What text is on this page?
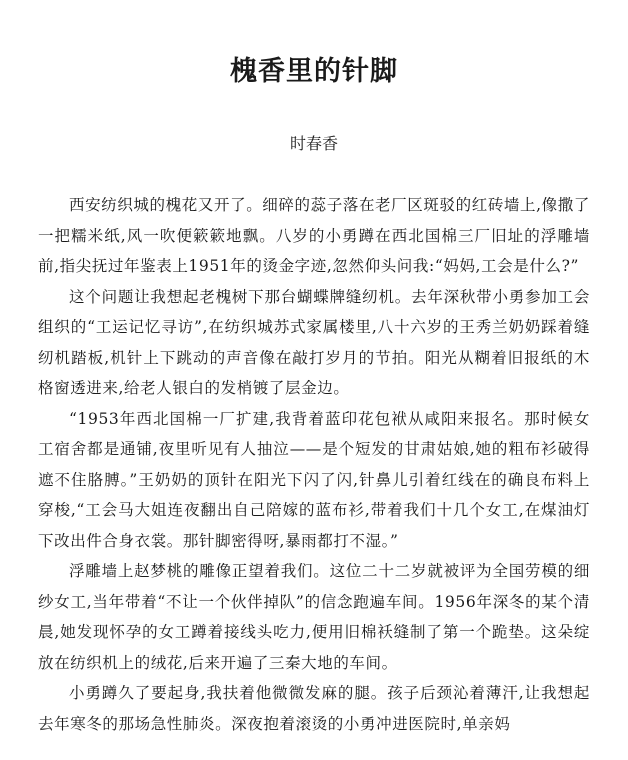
槐香里的针脚
时春香

西安纺织城的槐花又开了。细碎的蕊子落在老厂区斑驳的红砖墙上,像撒了一把糯米纸,风一吹便簌簌地飘。八岁的小勇蹲在西北国棉三厂旧址的浮雕墙前,指尖抚过年鉴表上1951年的烫金字迹,忽然仰头问我:“妈妈,工会是什么?”

这个问题让我想起老槐树下那台蝴蝶牌缝纫机。去年深秋带小勇参加工会组织的“工运记忆寻访”,在纺织城苏式家属楼里,八十六岁的王秀兰奶奶踩着缝纫机踏板,机针上下跳动的声音像在敲打岁月的节拍。阳光从糊着旧报纸的木格窗透进来,给老人银白的发梢镀了层金边。

“1953年西北国棉一厂扩建,我背着蓝印花包袱从咸阳来报名。那时候女工宿舍都是通铺,夜里听见有人抽泣——是个短发的甘肃姑娘,她的粗布衫破得遮不住胳膊。”王奶奶的顶针在阳光下闪了闪,针鼻儿引着红线在的确良布料上穿梭,“工会马大姐连夜翻出自己陪嫁的蓝布衫,带着我们十几个女工,在煤油灯下改出件合身衣裳。那针脚密得呀,暴雨都打不湿。”

浮雕墙上赵梦桃的雕像正望着我们。这位二十二岁就被评为全国劳模的细纱女工,当年带着“不让一个伙伴掉队”的信念跑遍车间。1956年深冬的某个清晨,她发现怀孕的女工蹲着接线头吃力,便用旧棉袄缝制了第一个跪垫。这朵绽放在纺织机上的绒花,后来开遍了三秦大地的车间。

小勇蹲久了要起身,我扶着他微微发麻的腿。孩子后颈沁着薄汗,让我想起去年寒冬的那场急性肺炎。深夜抱着滚烫的小勇冲进医院时,单亲妈
